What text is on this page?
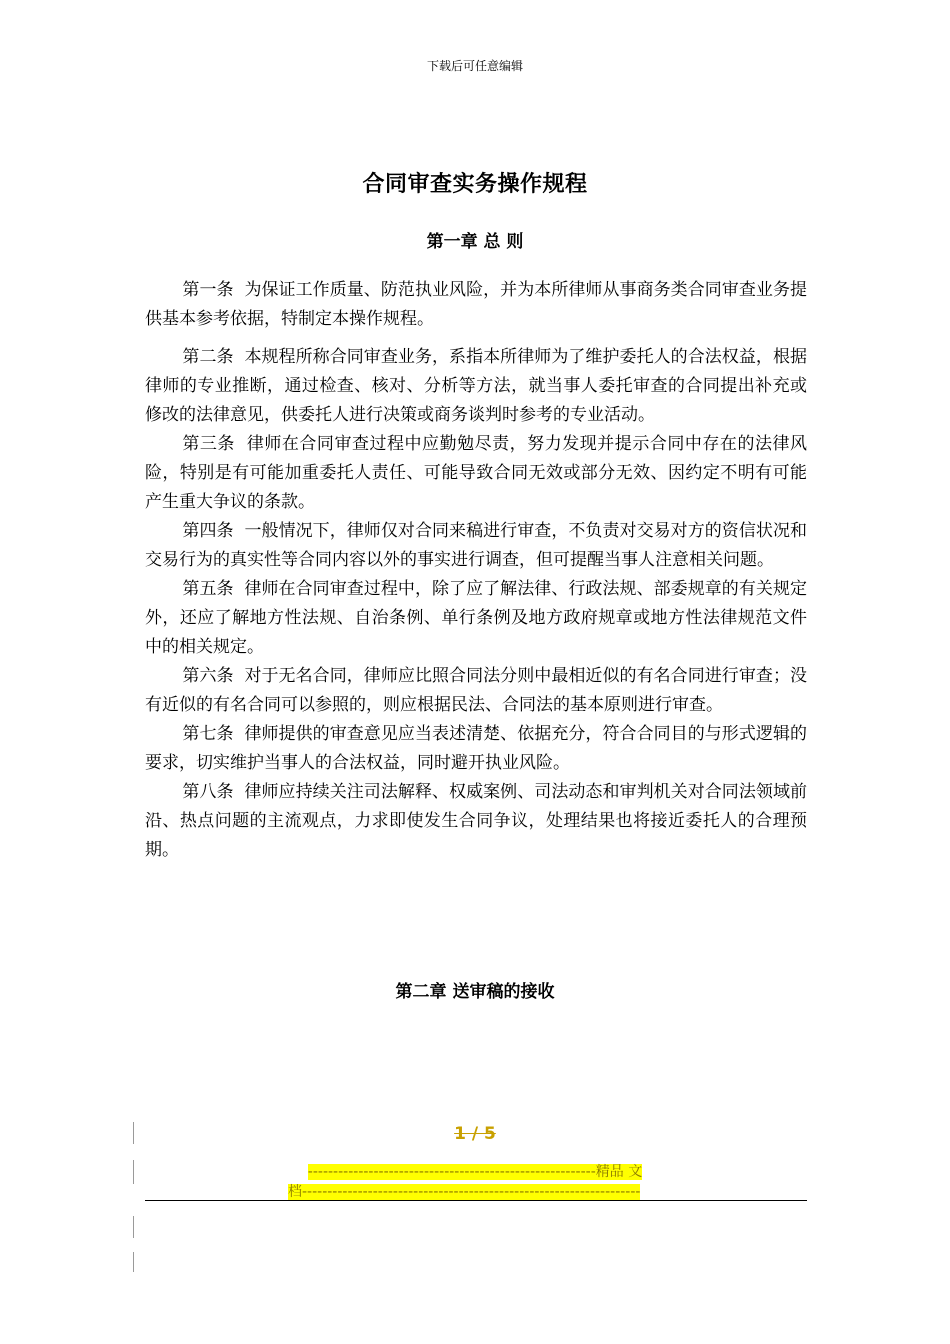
下载后可任意编辑
合同审查实务操作规程
第一章 总 则

第一条 为保证工作质量、防范执业风险，并为本所律师从事商务类合同审查业务提供基本参考依据，特制定本操作规程。

第二条 本规程所称合同审查业务，系指本所律师为了维护委托人的合法权益，根据律师的专业推断，通过检查、核对、分析等方法，就当事人委托审查的合同提出补充或修改的法律意见，供委托人进行决策或商务谈判时参考的专业活动。

第三条 律师在合同审查过程中应勤勉尽责，努力发现并提示合同中存在的法律风险，特别是有可能加重委托人责任、可能导致合同无效或部分无效、因约定不明有可能产生重大争议的条款。

第四条 一般情况下，律师仅对合同来稿进行审查，不负责对交易对方的资信状况和交易行为的真实性等合同内容以外的事实进行调查，但可提醒当事人注意相关问题。

第五条 律师在合同审查过程中，除了应了解法律、行政法规、部委规章的有关规定外，还应了解地方性法规、自治条例、单行条例及地方政府规章或地方性法律规范文件中的相关规定。

第六条 对于无名合同，律师应比照合同法分则中最相近似的有名合同进行审查；没有近似的有名合同可以参照的，则应根据民法、合同法的基本原则进行审查。

第七条 律师提供的审查意见应当表述清楚、依据充分，符合合同目的与形式逻辑的要求，切实维护当事人的合法权益，同时避开执业风险。

第八条 律师应持续关注司法解释、权威案例、司法动态和审判机关对合同法领域前沿、热点问题的主流观点，力求即使发生合同争议，处理结果也将接近委托人的合理预期。

第二章 送审稿的接收
1 / 5
---------------------------------------------------------精品 文
档-------------------------------------------------------------------
